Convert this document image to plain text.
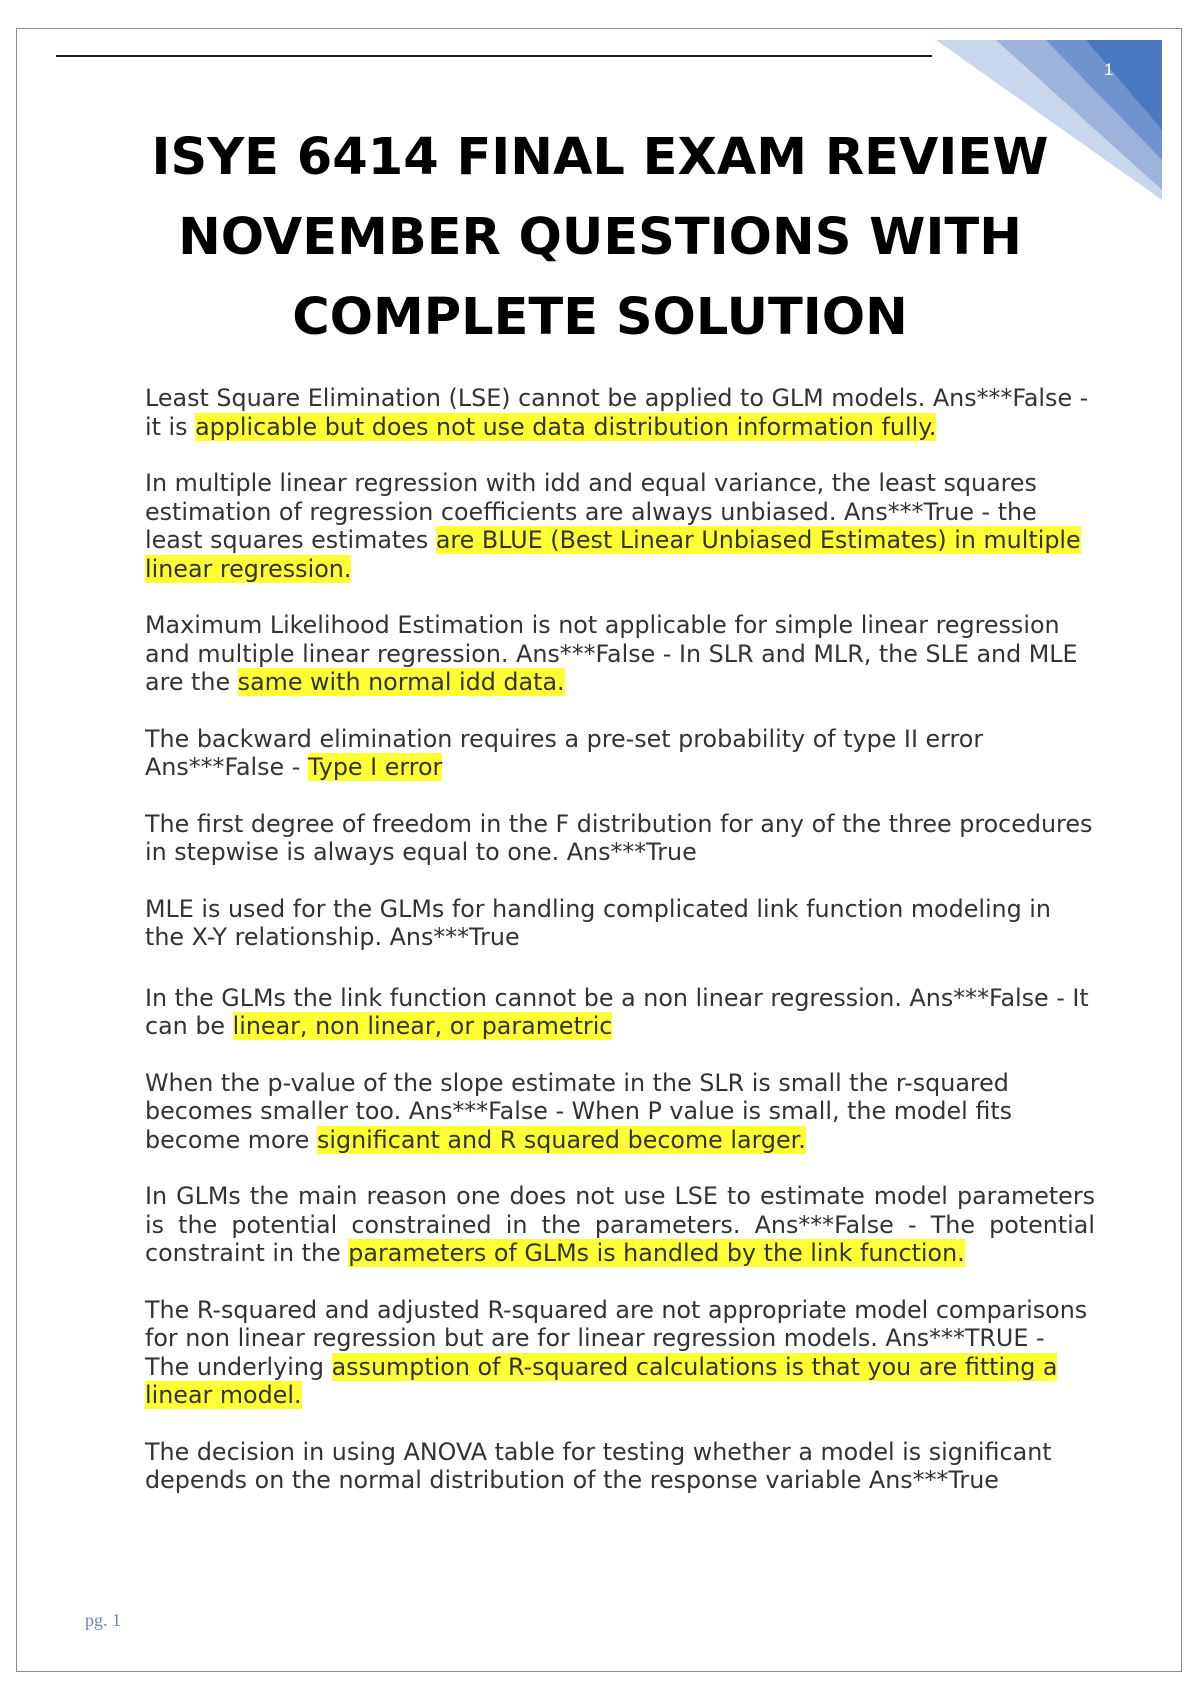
1
ISYE 6414 FINAL EXAM REVIEW
NOVEMBER QUESTIONS WITH
COMPLETE SOLUTION

Least Square Elimination (LSE) cannot be applied to GLM models. Ans***False - it is applicable but does not use data distribution information fully.

In multiple linear regression with idd and equal variance, the least squares estimation of regression coefficients are always unbiased. Ans***True - the least squares estimates are BLUE (Best Linear Unbiased Estimates) in multiple linear regression.

Maximum Likelihood Estimation is not applicable for simple linear regression and multiple linear regression. Ans***False - In SLR and MLR, the SLE and MLE are the same with normal idd data.

The backward elimination requires a pre-set probability of type II error Ans***False - Type I error

The first degree of freedom in the F distribution for any of the three procedures in stepwise is always equal to one. Ans***True

MLE is used for the GLMs for handling complicated link function modeling in the X-Y relationship. Ans***True

In the GLMs the link function cannot be a non linear regression. Ans***False - It can be linear, non linear, or parametric

When the p-value of the slope estimate in the SLR is small the r-squared becomes smaller too. Ans***False - When P value is small, the model fits become more significant and R squared become larger.

In GLMs the main reason one does not use LSE to estimate model parameters is the potential constrained in the parameters. Ans***False - The potential constraint in the parameters of GLMs is handled by the link function.

The R-squared and adjusted R-squared are not appropriate model comparisons for non linear regression but are for linear regression models. Ans***TRUE - The underlying assumption of R-squared calculations is that you are fitting a linear model.

The decision in using ANOVA table for testing whether a model is significant depends on the normal distribution of the response variable Ans***True

pg. 1
